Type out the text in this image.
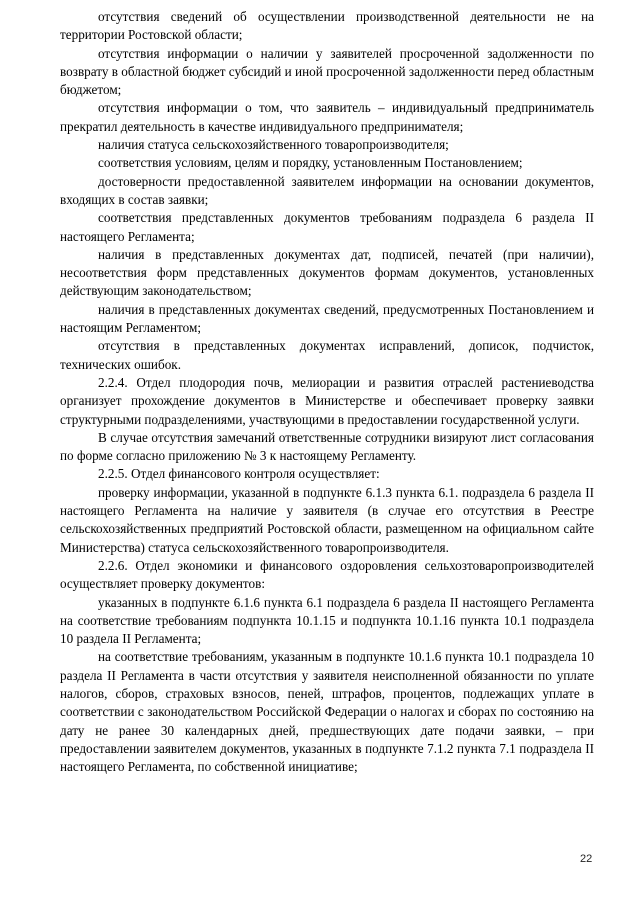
отсутствия сведений об осуществлении производственной деятельности не на территории Ростовской области;

отсутствия информации о наличии у заявителей просроченной задолженности по возврату в областной бюджет субсидий и иной просроченной задолженности перед областным бюджетом;

отсутствия информации о том, что заявитель – индивидуальный предприниматель прекратил деятельность в качестве индивидуального предпринимателя;

наличия статуса сельскохозяйственного товаропроизводителя;

соответствия условиям, целям и порядку, установленным Постановлением;

достоверности предоставленной заявителем информации на основании документов, входящих в состав заявки;

соответствия представленных документов требованиям подраздела 6 раздела II настоящего Регламента;

наличия в представленных документах дат, подписей, печатей (при наличии), несоответствия форм представленных документов формам документов, установленных действующим законодательством;

наличия в представленных документах сведений, предусмотренных Постановлением и настоящим Регламентом;

отсутствия в представленных документах исправлений, дописок, подчисток, технических ошибок.

2.2.4. Отдел плодородия почв, мелиорации и развития отраслей растениеводства организует прохождение документов в Министерстве и обеспечивает проверку заявки структурными подразделениями, участвующими в предоставлении государственной услуги.

В случае отсутствия замечаний ответственные сотрудники визируют лист согласования по форме согласно приложению № 3 к настоящему Регламенту.

2.2.5. Отдел финансового контроля осуществляет:

проверку информации, указанной в подпункте 6.1.3 пункта 6.1. подраздела 6 раздела II настоящего Регламента на наличие у заявителя (в случае его отсутствия в Реестре сельскохозяйственных предприятий Ростовской области, размещенном на официальном сайте Министерства) статуса сельскохозяйственного товаропроизводителя.

2.2.6. Отдел экономики и финансового оздоровления сельхозтоваропроизводителей осуществляет проверку документов:

указанных в подпункте 6.1.6 пункта 6.1 подраздела 6 раздела II настоящего Регламента на соответствие требованиям подпункта 10.1.15 и подпункта 10.1.16 пункта 10.1 подраздела 10 раздела II Регламента;

на соответствие требованиям, указанным в подпункте 10.1.6 пункта 10.1 подраздела 10 раздела II Регламента в части отсутствия у заявителя неисполненной обязанности по уплате налогов, сборов, страховых взносов, пеней, штрафов, процентов, подлежащих уплате в соответствии с законодательством Российской Федерации о налогах и сборах по состоянию на дату не ранее 30 календарных дней, предшествующих дате подачи заявки, – при предоставлении заявителем документов, указанных в подпункте 7.1.2 пункта 7.1 подраздела II настоящего Регламента, по собственной инициативе;

22
